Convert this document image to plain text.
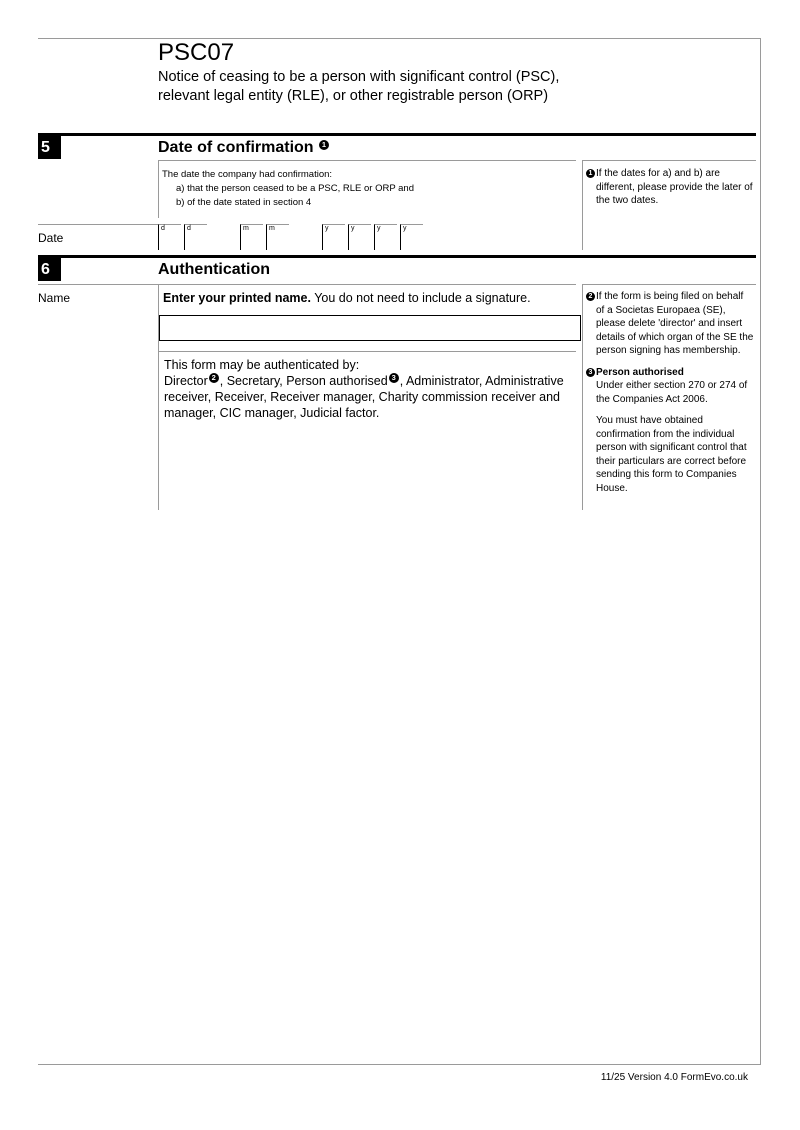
PSC07
Notice of ceasing to be a person with significant control (PSC),
relevant legal entity (RLE), or other registrable person (ORP)
5	Date of confirmation 1
The date the company had confirmation:
a) that the person ceased to be a PSC, RLE or ORP and
b) of the date stated in section 4
1 If the dates for a) and b) are different, please provide the later of the two dates.
Date
d	d	m	m	y	y	y	y
6	Authentication
Name	Enter your printed name. You do not need to include a signature.
This form may be authenticated by:
Director 2 , Secretary, Person authorised 3 , Administrator, Administrative receiver, Receiver, Receiver manager, Charity commission receiver and manager, CIC manager, Judicial factor.
2 If the form is being filed on behalf of a Societas Europaea (SE), please delete 'director' and insert details of which organ of the SE the person signing has membership.
3 Person authorised
Under either section 270 or 274 of the Companies Act 2006.
You must have obtained confirmation from the individual person with significant control that their particulars are correct before sending this form to Companies House.
11/25 Version 4.0 FormEvo.co.uk
